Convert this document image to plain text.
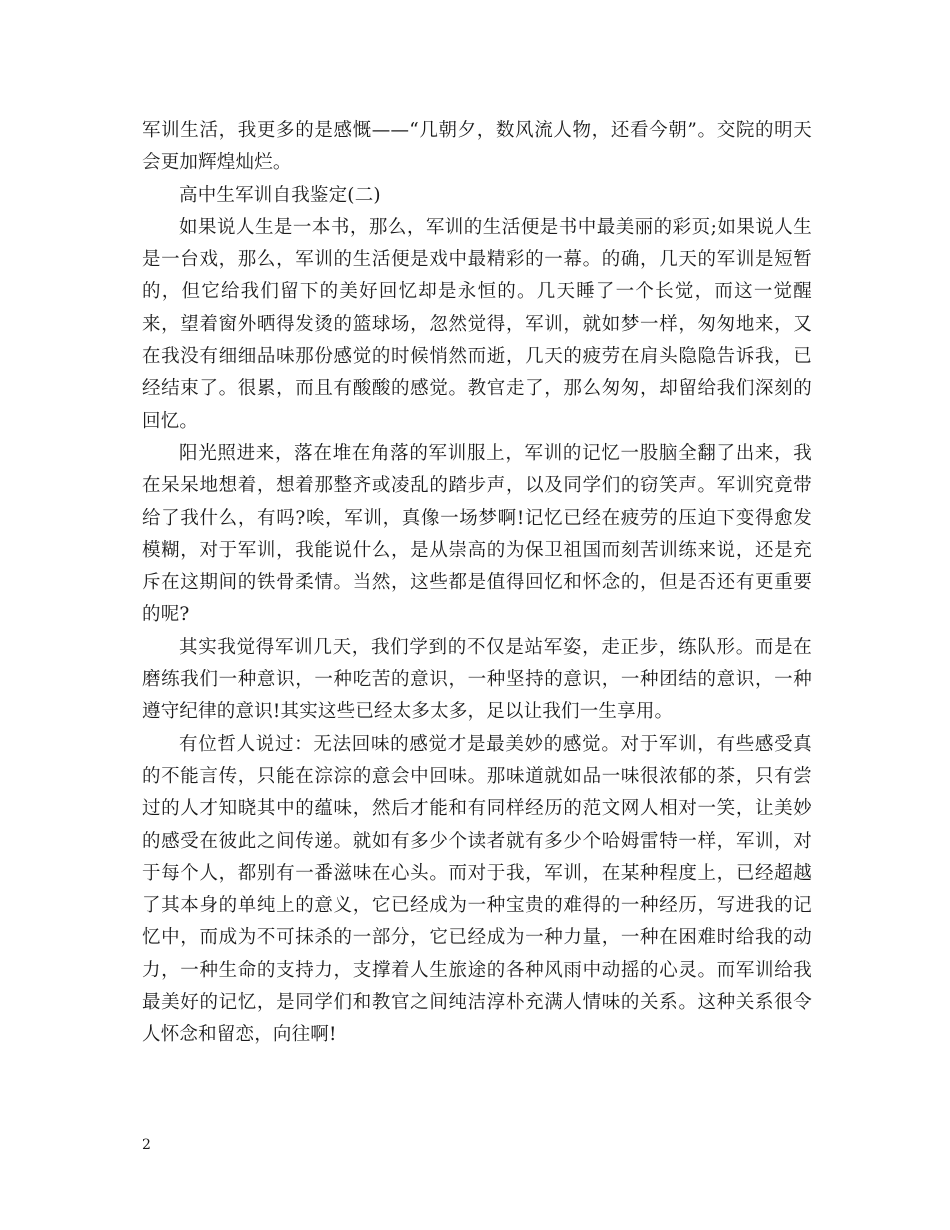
军训生活，我更多的是感慨——“几朝夕，数风流人物，还看今朝”。交院的明天会更加辉煌灿烂。

高中生军训自我鉴定(二)

如果说人生是一本书，那么，军训的生活便是书中最美丽的彩页;如果说人生是一台戏，那么，军训的生活便是戏中最精彩的一幕。的确，几天的军训是短暂的，但它给我们留下的美好回忆却是永恒的。几天睡了一个长觉，而这一觉醒来，望着窗外晒得发烫的篮球场，忽然觉得，军训，就如梦一样，匆匆地来，又在我没有细细品味那份感觉的时候悄然而逝，几天的疲劳在肩头隐隐告诉我，已经结束了。很累，而且有酸酸的感觉。教官走了，那么匆匆，却留给我们深刻的回忆。

阳光照进来，落在堆在角落的军训服上，军训的记忆一股脑全翻了出来，我在呆呆地想着，想着那整齐或凌乱的踏步声，以及同学们的窃笑声。军训究竟带给了我什么，有吗?唉，军训，真像一场梦啊!记忆已经在疲劳的压迫下变得愈发模糊，对于军训，我能说什么，是从崇高的为保卫祖国而刻苦训练来说，还是充斥在这期间的铁骨柔情。当然，这些都是值得回忆和怀念的，但是否还有更重要的呢?

其实我觉得军训几天，我们学到的不仅是站军姿，走正步，练队形。而是在磨练我们一种意识，一种吃苦的意识，一种坚持的意识，一种团结的意识，一种遵守纪律的意识!其实这些已经太多太多，足以让我们一生享用。

有位哲人说过：无法回味的感觉才是最美妙的感觉。对于军训，有些感受真的不能言传，只能在淙淙的意会中回味。那味道就如品一味很浓郁的茶，只有尝过的人才知晓其中的蕴味，然后才能和有同样经历的范文网人相对一笑，让美妙的感受在彼此之间传递。就如有多少个读者就有多少个哈姆雷特一样，军训，对于每个人，都别有一番滋味在心头。而对于我，军训，在某种程度上，已经超越了其本身的单纯上的意义，它已经成为一种宝贵的难得的一种经历，写进我的记忆中，而成为不可抹杀的一部分，它已经成为一种力量，一种在困难时给我的动力，一种生命的支持力，支撑着人生旅途的各种风雨中动摇的心灵。而军训给我最美好的记忆，是同学们和教官之间纯洁淳朴充满人情味的关系。这种关系很令人怀念和留恋，向往啊!

2
